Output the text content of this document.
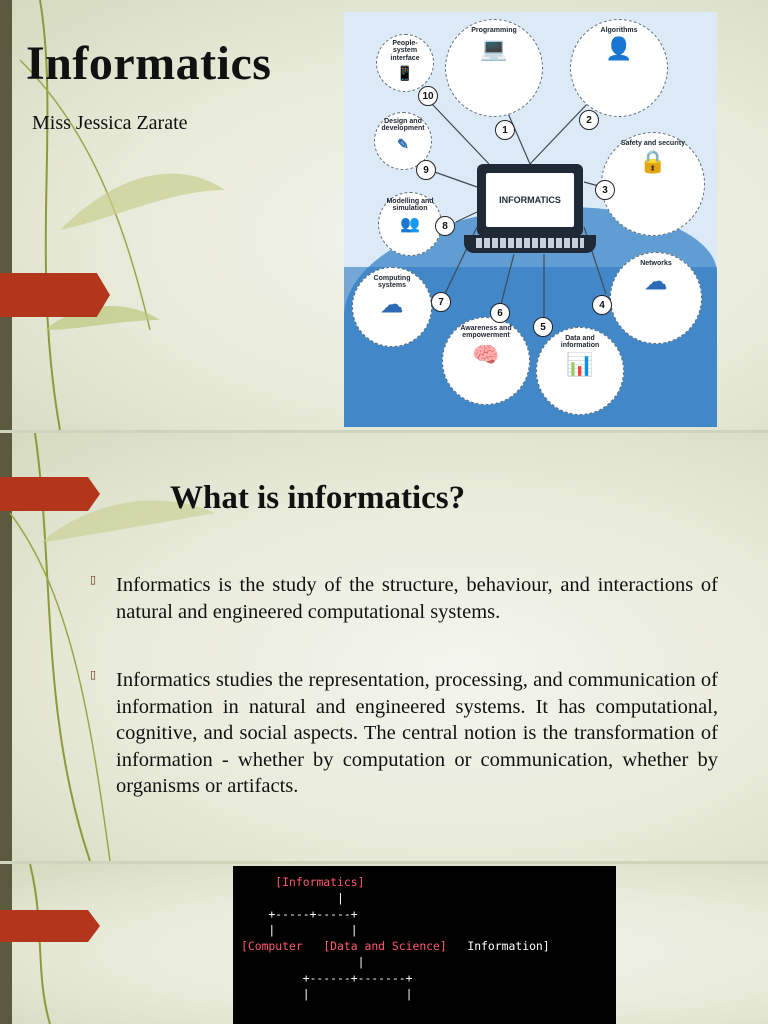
Informatics
Miss Jessica Zarate
Programming
💻
1
Algorithms
👤
2
Safety and security
🔒
3
Networks
☁
4
Data and information
📊
5
Awareness and empowerment
🧠
6
Computing systems
☁	7
Modelling and simulation
👥	8
Design and development
✎
9
People-system interface
📱
10
INFORMATICS
What is informatics?
▯ Informatics is the study of the structure, behaviour, and interactions of natural and engineered computational systems.
▯ Informatics studies the representation, processing, and communication of information in natural and engineered systems. It has computational, cognitive, and social aspects. The central notion is the transformation of information - whether by computation or communication, whether by organisms or artifacts.
[Informatics]
|
+-----+-----+
|           |
[Computer [Data and Science] Information]
|
+------+-------+
|              |
